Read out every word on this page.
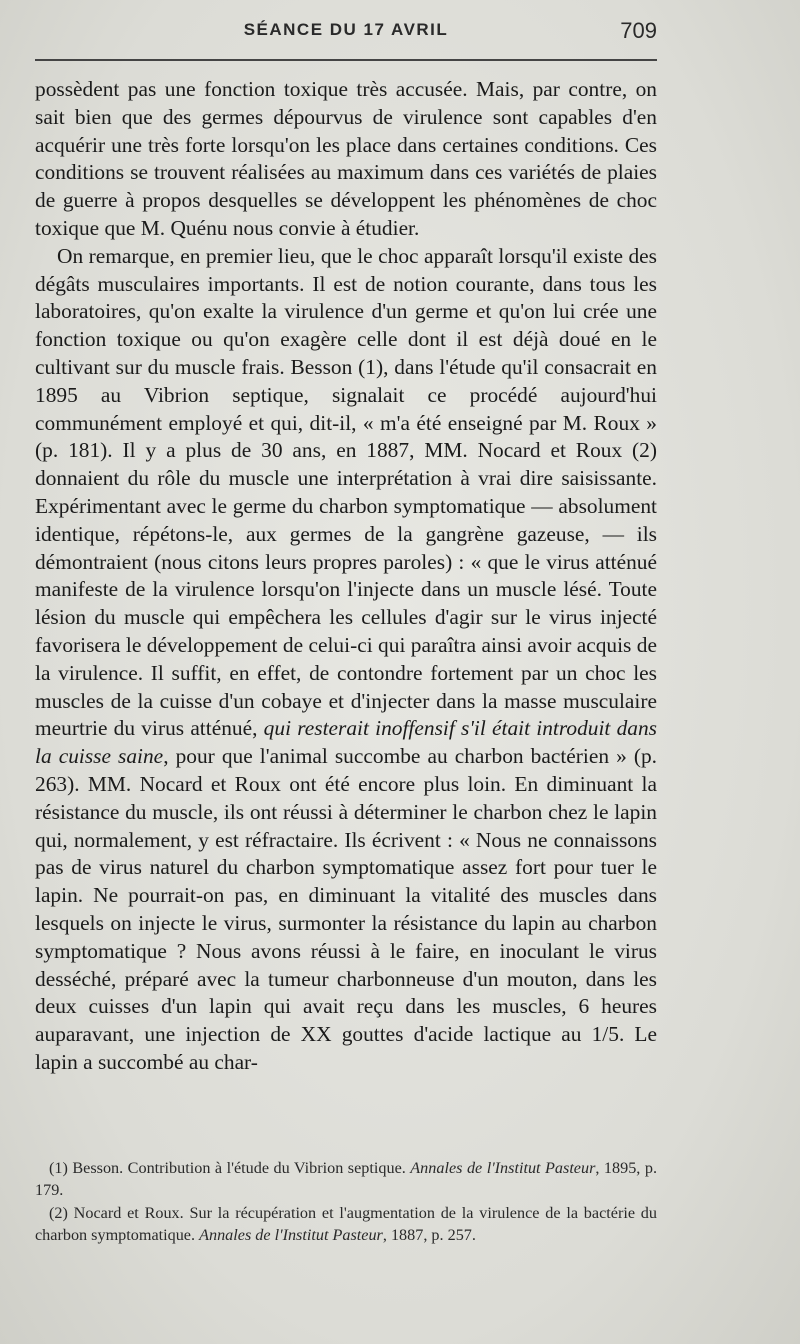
SÉANCE DU 17 AVRIL	709

possèdent pas une fonction toxique très accusée. Mais, par contre, on sait bien que des germes dépourvus de virulence sont capables d'en acquérir une très forte lorsqu'on les place dans certaines conditions. Ces conditions se trouvent réalisées au maximum dans ces variétés de plaies de guerre à propos desquelles se développent les phénomènes de choc toxique que M. Quénu nous convie à étudier.

On remarque, en premier lieu, que le choc apparaît lorsqu'il existe des dégâts musculaires importants. Il est de notion courante, dans tous les laboratoires, qu'on exalte la virulence d'un germe et qu'on lui crée une fonction toxique ou qu'on exagère celle dont il est déjà doué en le cultivant sur du muscle frais. Besson (1), dans l'étude qu'il consacrait en 1895 au Vibrion septique, signalait ce procédé aujourd'hui communément employé et qui, dit-il, « m'a été enseigné par M. Roux » (p. 181). Il y a plus de 30 ans, en 1887, MM. Nocard et Roux (2) donnaient du rôle du muscle une interprétation à vrai dire saisissante. Expérimentant avec le germe du charbon symptomatique — absolument identique, répétons-le, aux germes de la gangrène gazeuse, — ils démontraient (nous citons leurs propres paroles) : « que le virus atténué manifeste de la virulence lorsqu'on l'injecte dans un muscle lésé. Toute lésion du muscle qui empêchera les cellules d'agir sur le virus injecté favorisera le développement de celui-ci qui paraîtra ainsi avoir acquis de la virulence. Il suffit, en effet, de contondre fortement par un choc les muscles de la cuisse d'un cobaye et d'injecter dans la masse musculaire meurtrie du virus atténué, qui resterait inoffensif s'il était introduit dans la cuisse saine, pour que l'animal succombe au charbon bactérien » (p. 263). MM. Nocard et Roux ont été encore plus loin. En diminuant la résistance du muscle, ils ont réussi à déterminer le charbon chez le lapin qui, normalement, y est réfractaire. Ils écrivent : « Nous ne connaissons pas de virus naturel du charbon symptomatique assez fort pour tuer le lapin. Ne pourrait-on pas, en diminuant la vitalité des muscles dans lesquels on injecte le virus, surmonter la résistance du lapin au charbon symptomatique ? Nous avons réussi à le faire, en inoculant le virus desséché, préparé avec la tumeur charbonneuse d'un mouton, dans les deux cuisses d'un lapin qui avait reçu dans les muscles, 6 heures auparavant, une injection de XX gouttes d'acide lactique au 1/5. Le lapin a succombé au char-

(1) Besson. Contribution à l'étude du Vibrion septique. Annales de l'Institut Pasteur, 1895, p. 179.

(2) Nocard et Roux. Sur la récupération et l'augmentation de la virulence de la bactérie du charbon symptomatique. Annales de l'Institut Pasteur, 1887, p. 257.
